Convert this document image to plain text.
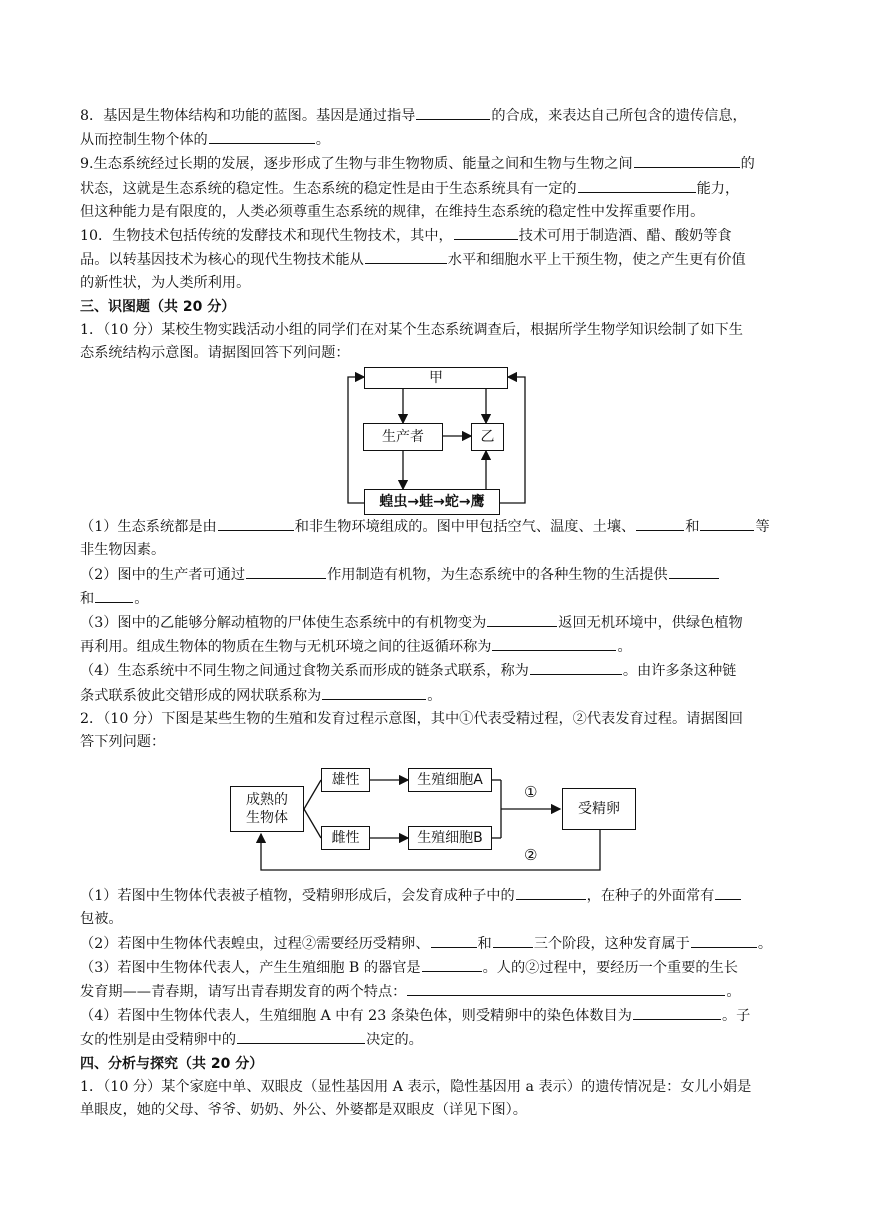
8．基因是生物体结构和功能的蓝图。基因是通过指导	的合成，来表达自己所包含的遗传信息，

从而控制生物个体的	。

9.生态系统经过长期的发展，逐步形成了生物与非生物物质、能量之间和生物与生物之间	的

状态，这就是生态系统的稳定性。生态系统的稳定性是由于生态系统具有一定的	能力，

但这种能力是有限度的，人类必须尊重生态系统的规律，在维持生态系统的稳定性中发挥重要作用。

10．生物技术包括传统的发酵技术和现代生物技术，其中，	技术可用于制造酒、醋、酸奶等食

品。以转基因技术为核心的现代生物技术能从	水平和细胞水平上干预生物，使之产生更有价值

的新性状，为人类所利用。

三、识图题（共 20 分）

1．（10 分）某校生物实践活动小组的同学们在对某个生态系统调查后，根据所学生物学知识绘制了如下生

态系统结构示意图。请据图回答下列问题：

甲
生产者	乙
蝗虫→蛙→蛇→鹰

（1）生态系统都是由	和非生物环境组成的。图中甲包括空气、温度、土壤、	和	等

非生物因素。

（2）图中的生产者可通过	作用制造有机物，为生态系统中的各种生物的生活提供

和	。

（3）图中的乙能够分解动植物的尸体使生态系统中的有机物变为	返回无机环境中，供绿色植物

再利用。组成生物体的物质在生物与无机环境之间的往返循环称为	。

（4）生态系统中不同生物之间通过食物关系而形成的链条式联系，称为	。由许多条这种链

条式联系彼此交错形成的网状联系称为	。

2．（10 分）下图是某些生物的生殖和发育过程示意图，其中①代表受精过程，②代表发育过程。请据图回

答下列问题：

成熟的
生物体
雄性
雌性
生殖细胞A
生殖细胞B
受精卵
①
②

（1）若图中生物体代表被子植物，受精卵形成后，会发育成种子中的	，在种子的外面常有

包被。

（2）若图中生物体代表蝗虫，过程②需要经历受精卵、	和	三个阶段，这种发育属于	。

（3）若图中生物体代表人，产生生殖细胞 B 的器官是	。人的②过程中，要经历一个重要的生长

发育期——青春期，请写出青春期发育的两个特点：	。

（4）若图中生物体代表人，生殖细胞 A 中有 23 条染色体，则受精卵中的染色体数目为	。子

女的性别是由受精卵中的	决定的。

四、分析与探究（共 20 分）

1．（10 分）某个家庭中单、双眼皮（显性基因用 A 表示，隐性基因用 a 表示）的遗传情况是：女儿小娟是

单眼皮，她的父母、爷爷、奶奶、外公、外婆都是双眼皮（详见下图）。
